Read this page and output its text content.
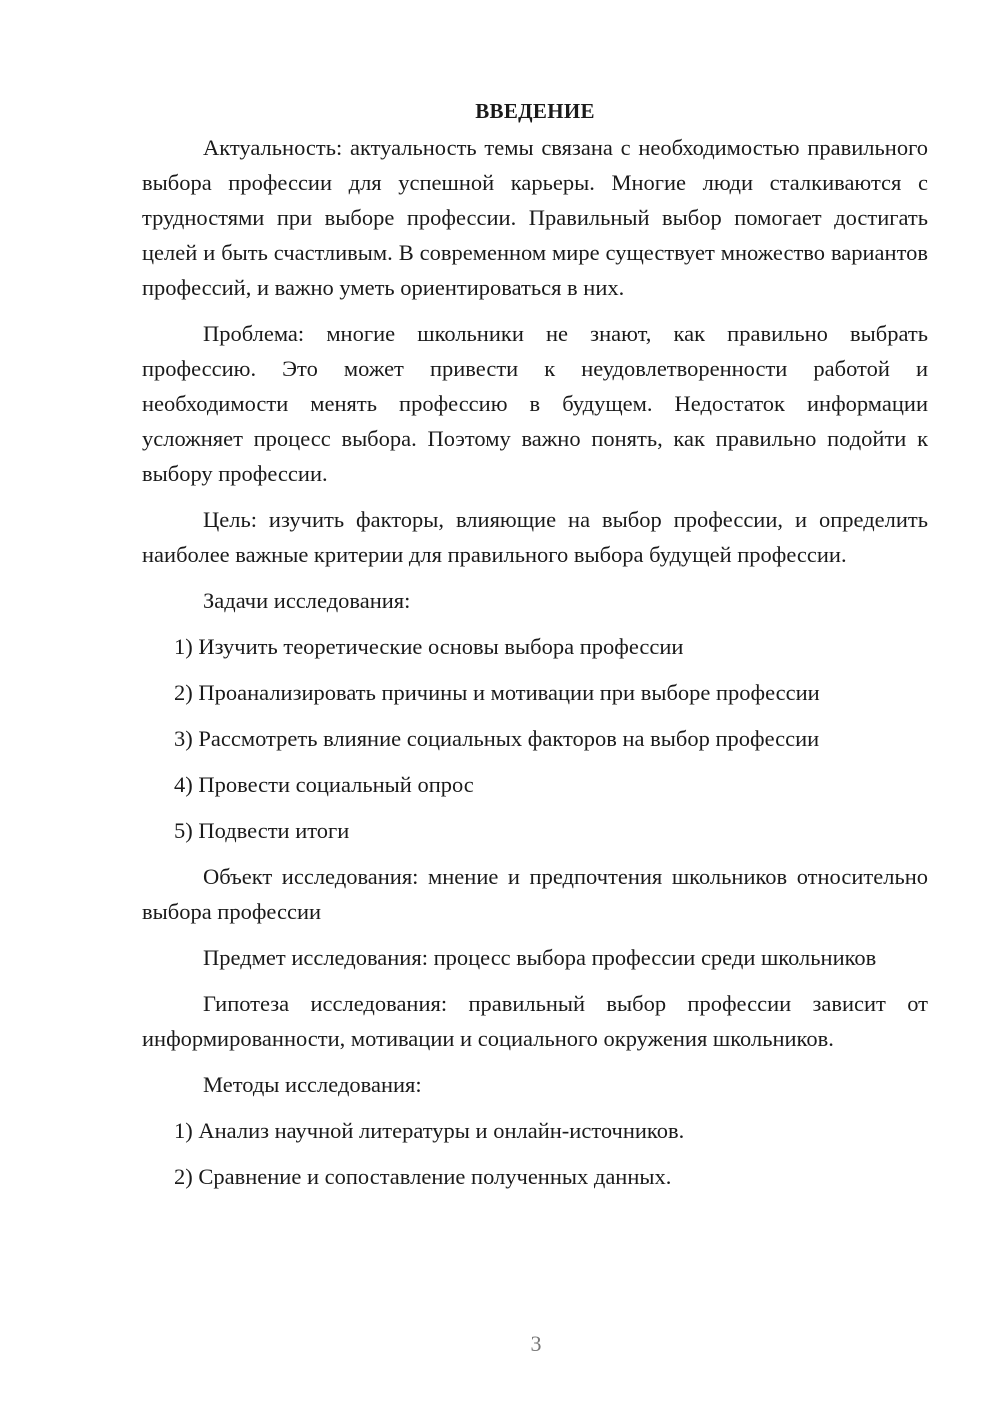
ВВЕДЕНИЕ

Актуальность: актуальность темы связана с необходимостью правильного выбора профессии для успешной карьеры. Многие люди сталкиваются с трудностями при выборе профессии. Правильный выбор помогает достигать целей и быть счастливым. В современном мире существует множество вариантов профессий, и важно уметь ориентироваться в них.

Проблема: многие школьники не знают, как правильно выбрать профессию. Это может привести к неудовлетворенности работой и необходимости менять профессию в будущем. Недостаток информации усложняет процесс выбора. Поэтому важно понять, как правильно подойти к выбору профессии.

Цель: изучить факторы, влияющие на выбор профессии, и определить наиболее важные критерии для правильного выбора будущей профессии.

Задачи исследования:

1) Изучить теоретические основы выбора профессии
2) Проанализировать причины и мотивации при выборе профессии
3) Рассмотреть влияние социальных факторов на выбор профессии
4) Провести социальный опрос
5) Подвести итоги

Объект исследования: мнение и предпочтения школьников относительно выбора профессии

Предмет исследования: процесс выбора профессии среди школьников

Гипотеза исследования: правильный выбор профессии зависит от информированности, мотивации и социального окружения школьников.

Методы исследования:

1) Анализ научной литературы и онлайн-источников.
2) Сравнение и сопоставление полученных данных.
3
